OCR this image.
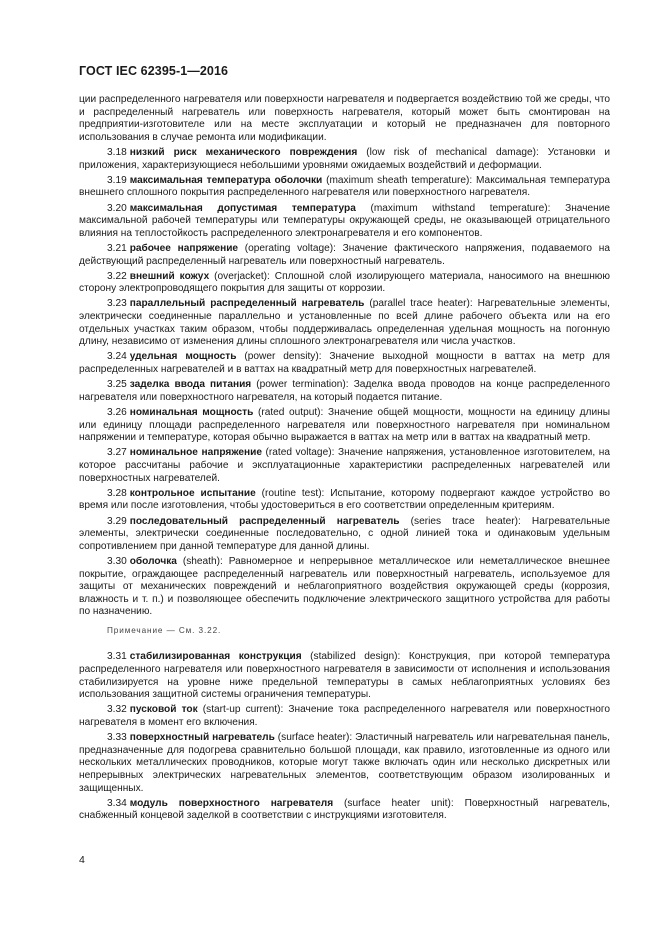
ГОСТ IEC 62395-1—2016

ции распределенного нагревателя или поверхности нагревателя и подвергается воздействию той же среды, что и распределенный нагреватель или поверхность нагревателя, который может быть смонтирован на предприятии-изготовителе или на месте эксплуатации и который не предназначен для повторного использования в случае ремонта или модификации.

3.18 низкий риск механического повреждения (low risk of mechanical damage): Установки и приложения, характеризующиеся небольшими уровнями ожидаемых воздействий и деформации.

3.19 максимальная температура оболочки (maximum sheath temperature): Максимальная температура внешнего сплошного покрытия распределенного нагревателя или поверхностного нагревателя.

3.20 максимальная допустимая температура (maximum withstand temperature): Значение максимальной рабочей температуры или температуры окружающей среды, не оказывающей отрицательного влияния на теплостойкость распределенного электронагревателя и его компонентов.

3.21 рабочее напряжение (operating voltage): Значение фактического напряжения, подаваемого на действующий распределенный нагреватель или поверхностный нагреватель.

3.22 внешний кожух (overjacket): Сплошной слой изолирующего материала, наносимого на внешнюю сторону электропроводящего покрытия для защиты от коррозии.

3.23 параллельный распределенный нагреватель (parallel trace heater): Нагревательные элементы, электрически соединенные параллельно и установленные по всей длине рабочего объекта или на его отдельных участках таким образом, чтобы поддерживалась определенная удельная мощность на погонную длину, независимо от изменения длины сплошного электронагревателя или числа участков.

3.24 удельная мощность (power density): Значение выходной мощности в ваттах на метр для распределенных нагревателей и в ваттах на квадратный метр для поверхностных нагревателей.

3.25 заделка ввода питания (power termination): Заделка ввода проводов на конце распределенного нагревателя или поверхностного нагревателя, на который подается питание.

3.26 номинальная мощность (rated output): Значение общей мощности, мощности на единицу длины или единицу площади распределенного нагревателя или поверхностного нагревателя при номинальном напряжении и температуре, которая обычно выражается в ваттах на метр или в ваттах на квадратный метр.

3.27 номинальное напряжение (rated voltage): Значение напряжения, установленное изготовителем, на которое рассчитаны рабочие и эксплуатационные характеристики распределенных нагревателей или поверхностных нагревателей.

3.28 контрольное испытание (routine test): Испытание, которому подвергают каждое устройство во время или после изготовления, чтобы удостовериться в его соответствии определенным критериям.

3.29 последовательный распределенный нагреватель (series trace heater): Нагревательные элементы, электрически соединенные последовательно, с одной линией тока и одинаковым удельным сопротивлением при данной температуре для данной длины.

3.30 оболочка (sheath): Равномерное и непрерывное металлическое или неметаллическое внешнее покрытие, ограждающее распределенный нагреватель или поверхностный нагреватель, используемое для защиты от механических повреждений и неблагоприятного воздействия окружающей среды (коррозия, влажность и т. п.) и позволяющее обеспечить подключение электрического защитного устройства для работы по назначению.

Примечание — См. 3.22.

3.31 стабилизированная конструкция (stabilized design): Конструкция, при которой температура распределенного нагревателя или поверхностного нагревателя в зависимости от исполнения и использования стабилизируется на уровне ниже предельной температуры в самых неблагоприятных условиях без использования защитной системы ограничения температуры.

3.32 пусковой ток (start-up current): Значение тока распределенного нагревателя или поверхностного нагревателя в момент его включения.

3.33 поверхностный нагреватель (surface heater): Эластичный нагреватель или нагревательная панель, предназначенные для подогрева сравнительно большой площади, как правило, изготовленные из одного или нескольких металлических проводников, которые могут также включать один или несколько дискретных или непрерывных электрических нагревательных элементов, соответствующим образом изолированных и защищенных.

3.34 модуль поверхностного нагревателя (surface heater unit): Поверхностный нагреватель, снабженный концевой заделкой в соответствии с инструкциями изготовителя.

4
